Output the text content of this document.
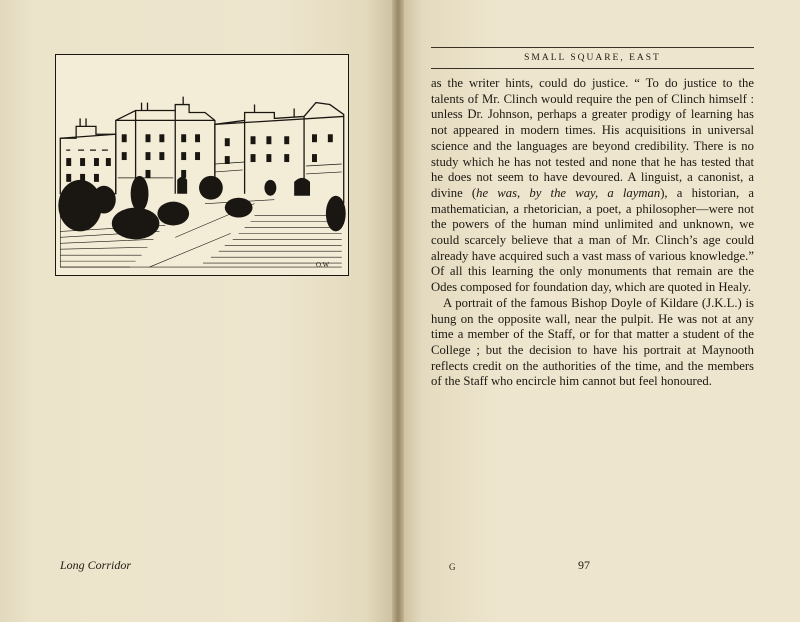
O.W
Long Corridor
SMALL SQUARE, EAST

as the writer hints, could do justice. “ To do justice to the talents of Mr. Clinch would require the pen of Clinch himself : unless Dr. Johnson, perhaps a greater prodigy of learning has not appeared in modern times. His acquisitions in universal science and the languages are beyond credibility. There is no study which he has not tested and none that he has tested that he does not seem to have devoured. A linguist, a canonist, a divine (he was, by the way, a layman), a historian, a mathematician, a rhetorician, a poet, a philosopher—were not the powers of the human mind unlimited and unknown, we could scarcely believe that a man of Mr. Clinch’s age could already have acquired such a vast mass of various knowledge.” Of all this learning the only monuments that remain are the Odes composed for foundation day, which are quoted in Healy.

A portrait of the famous Bishop Doyle of Kildare (J.K.L.) is hung on the opposite wall, near the pulpit. He was not at any time a member of the Staff, or for that matter a student of the College ; but the decision to have his portrait at Maynooth reflects credit on the authorities of the time, and the members of the Staff who encircle him cannot but feel honoured.

G	97
